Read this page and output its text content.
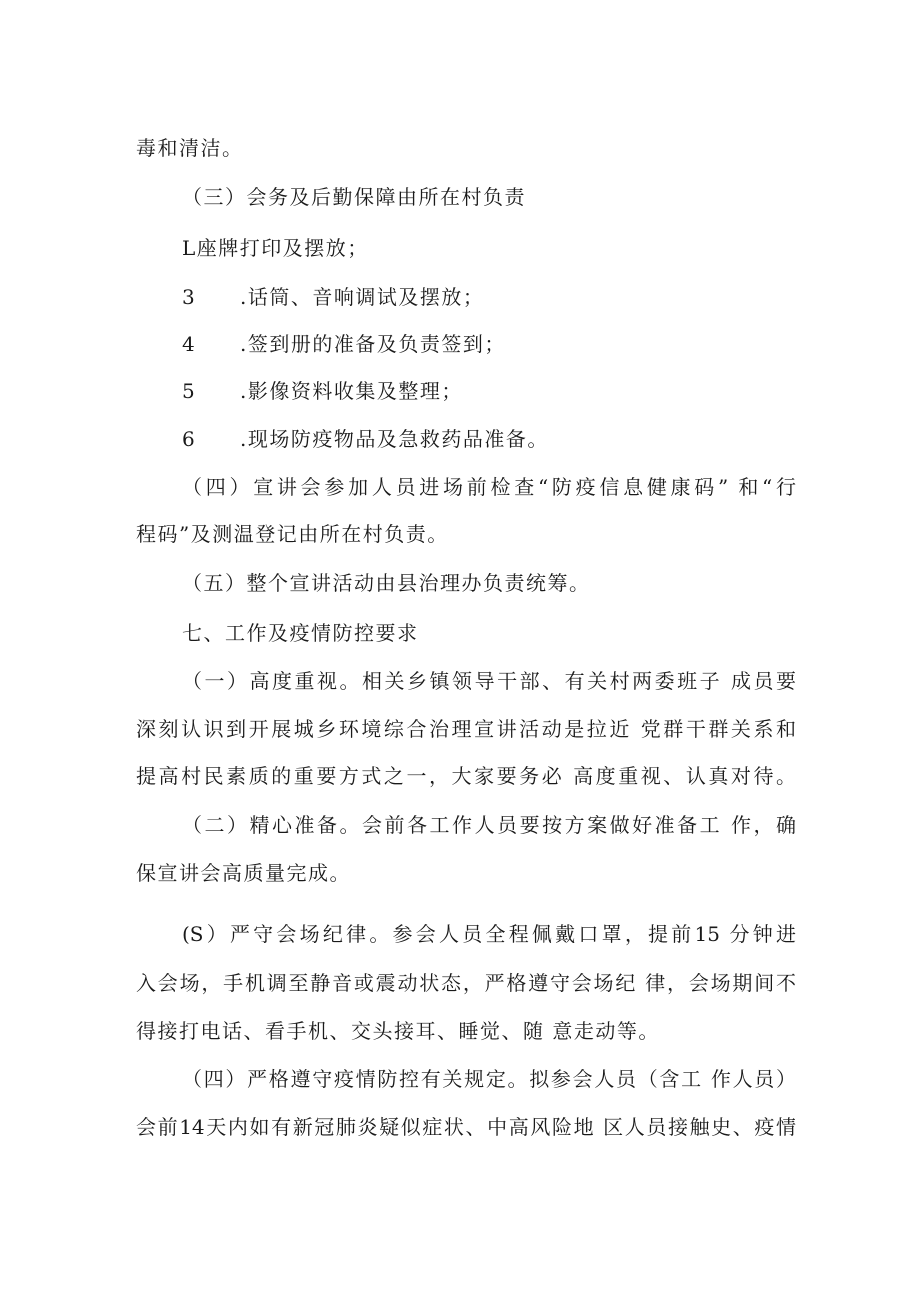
毒和清洁。
（三）会务及后勤保障由所在村负责
L座牌打印及摆放；
3 .话筒、音响调试及摆放；
4 .签到册的准备及负责签到；
5 .影像资料收集及整理；
6 .现场防疫物品及急救药品准备。
（四）宣讲会参加人员进场前检查“防疫信息健康码” 和“行
程码”及测温登记由所在村负责。
（五）整个宣讲活动由县治理办负责统筹。
七、工作及疫情防控要求
（一）高度重视。相关乡镇领导干部、有关村两委班子 成员要
深刻认识到开展城乡环境综合治理宣讲活动是拉近 党群干群关系和
提高村民素质的重要方式之一，大家要务必 高度重视、认真对待。
（二）精心准备。会前各工作人员要按方案做好准备工 作，确
保宣讲会高质量完成。
(S）严守会场纪律。参会人员全程佩戴口罩，提前15 分钟进
入会场，手机调至静音或震动状态，严格遵守会场纪 律，会场期间不
得接打电话、看手机、交头接耳、睡觉、随 意走动等。
（四）严格遵守疫情防控有关规定。拟参会人员（含工 作人员）
会前14天内如有新冠肺炎疑似症状、中高风险地 区人员接触史、疫情
